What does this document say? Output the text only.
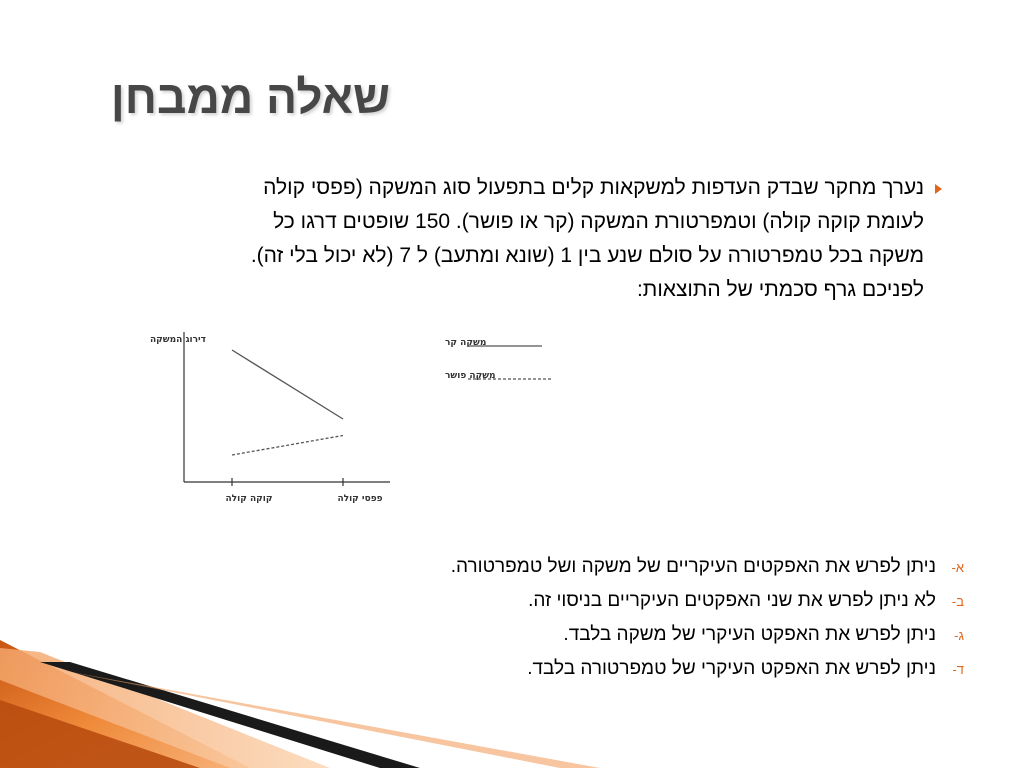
שאלה ממבחן
נערך מחקר שבדק העדפות למשקאות קלים בתפעול סוג המשקה (פפסי קולה
לעומת קוקה קולה) וטמפרטורת המשקה (קר או פושר). 150 שופטים דרגו כל
משקה בכל טמפרטורה על סולם שנע בין 1 (שונא ומתעב) ל 7 (לא יכול בלי זה).
לפניכם גרף סכמתי של התוצאות:
דירוג המשקה
קוקה קולה	פפסי קולה
משקה קר
משקה פושר
א-
ניתן לפרש את האפקטים העיקריים של משקה ושל טמפרטורה.
ב-
לא ניתן לפרש את שני האפקטים העיקריים בניסוי זה.
ג-
ניתן לפרש את האפקט העיקרי של משקה בלבד.
ד-
ניתן לפרש את האפקט העיקרי של טמפרטורה בלבד.
